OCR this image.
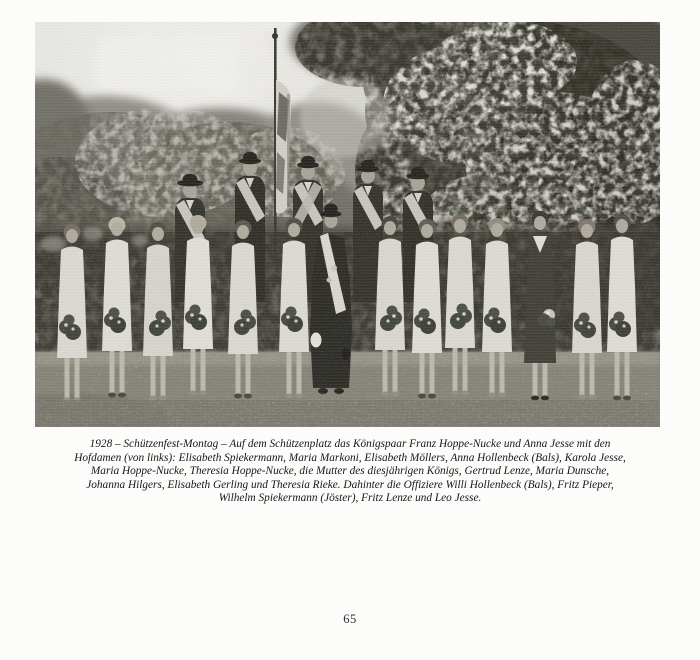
1928 – Schützenfest-Montag – Auf dem Schützenplatz das Königspaar Franz Hoppe-Nucke und Anna Jesse mit den
Hofdamen (von links): Elisabeth Spiekermann, Maria Markoni, Elisabeth Möllers, Anna Hollenbeck (Bals), Karola Jesse,
Maria Hoppe-Nucke, Theresia Hoppe-Nucke, die Mutter des diesjährigen Königs, Gertrud Lenze, Maria Dunsche,
Johanna Hilgers, Elisabeth Gerling und Theresia Rieke. Dahinter die Offiziere Willi Hollenbeck (Bals), Fritz Pieper,
Wilhelm Spiekermann (Jöster), Fritz Lenze und Leo Jesse.
65
